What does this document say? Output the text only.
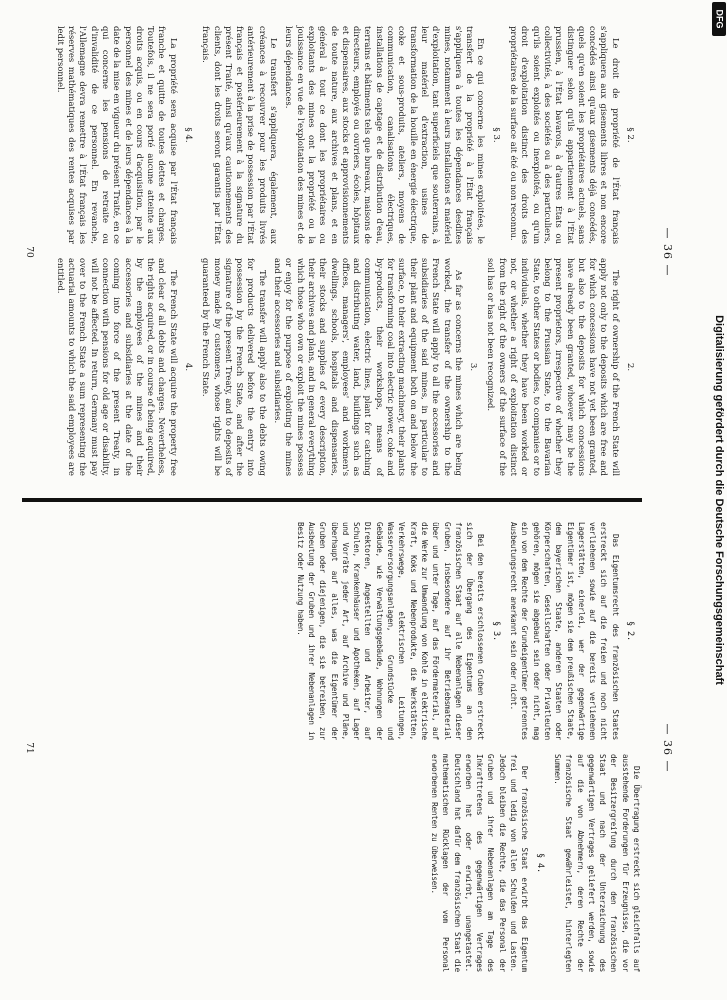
— 36 —
§ 2.

Le droit de propriété de l'État français s'appliquera aux gisements libres et non encore concédés ainsi qu'aux gisements déjà concédés, quels qu'en soient les propriétaires actuels, sans distinguer selon qu'ils appartiennent à l'État prussien, à l'État bavarois, à d'autres États ou collectivités, à des sociétés ou à des particuliers, qu'ils soient exploités ou inexploités, ou qu'un droit d'exploitation distinct des droits des propriétaires de la surface ait été ou non reconnu.

§ 3.

En ce qui concerne les mines exploitées, le transfert de la propriété à l'État français s'appliquera à toutes les dépendances desdites mines, notamment à leurs installations et matériel d'exploitation, tant superficiels que souterrains, à leur matériel d'extraction, usines de transformation de la houille en énergie électrique, coke et sous-produits, ateliers, moyens de communication, canalisations électriques, installations de captage et de distribution d'eau, terrains et bâtiments tels que bureaux, maisons de directeurs, employés ou ouvriers, écoles, hôpitaux et dispensaires, aux stocks et approvisionnements de toute nature, aux archives et plans, et en général à tout ce dont les propriétaires ou exploitants des mines ont la propriété ou la jouissance en vue de l'exploitation des mines et de leurs dépendances.

Le transfert s'appliquera, également, aux créances à recouvrer pour les produits livrés antérieurement à la prise de possession par l'État français et postérieurement à la signature du présent Traité, ainsi qu'aux cautionnements des clients, dont les droits seront garantis par l'État français.

§ 4.

La propriété sera acquise par l'État français franche et quitte de toutes dettes et charges. Toutefois, il ne sera porté aucune atteinte aux droits acquis, ou en cours d'acquisition, par le personnel des mines et de leurs dépendances à la date de la mise en vigueur du présent Traité, en ce qui concerne les pensions de retraite ou d'invalidité de ce personnel. En revanche, l'Allemagne devra remettre à l'État français les réserves mathématiques des rentes acquises par ledit personnel.

2.

The right of ownership of the French State will apply not only to the deposits which are free and for which concessions have not yet been granted, but also to the deposits for which concessions have already been granted, whoever may be the present proprietors, irrespective of whether they belong to the Prussian State, to the Bavarian State, to other States or bodies, to companies or to individuals, whether they have been worked or not, or whether a right of exploitation distinct from the right of the owners of the surface of the soil has or has not been recognized.

3.

As far as concerns the mines which are being worked, the transfer of the ownership to the French State will apply to all the accessories and subsidiaries of the said mines, in particular to their plant and equipment both on and below the surface, to their extracting machinery, their plants for transforming coal into electric power, coke and by-products, their workshops, means of communication, electric lines, plant for catching and distributing water, land, buildings such as offices, managers', employees' and workmen's dwellings, schools, hospitals and dispensaries, their stocks and supplies of every description, their archives and plans, and in general everything which those who own or exploit the mines possess or enjoy for the purpose of exploiting the mines and their accessories and subsidiaries.

The transfer will apply also to the debts owing for products delivered before the entry into possession by the French State, and after the signature of the present Treaty, and to deposits of money made by customers, whose rights will be guaranteed by the French State.

4.

The French State will acquire the property free and clear of all debts and charges. Nevertheless, the rights acquired, or in course of being acquired, by the employees of the mines and their accessories and subsidiaries at the date of the coming into force of the present Treaty, in connection with pensions for old age or disability, will not be affected. In return, Germany must pay over to the French State a sum representing the actuarial amounts to which the said employees are entitled.

70
— 36 —
§ 2.

Das Eigentumsrecht des französischen Staates erstreckt sich auf die freien und noch nicht verliehenen sowie auf die bereits verliehenen Lagerstätten, einerlei, wer der gegenwärtige Eigentümer ist, mögen sie dem preußischen Staate, dem bayerischen Staate, anderen Staaten oder Körperschaften, Gesellschaften oder Privatleuten gehören, mögen sie abgebaut sein oder nicht, mag ein von dem Rechte der Grundeigentümer getrenntes Ausbeutungsrecht anerkannt sein oder nicht.

§ 3.

Bei den bereits erschlossenen Gruben erstreckt sich der Übergang des Eigentums an den französischen Staat auf alle Nebenanlagen dieser Gruben, insbesondere auf ihr Betriebsmaterial über und unter Tage, auf das Fördermaterial, auf die Werke zur Umwandlung von Kohle in elektrische Kraft, Koks und Nebenprodukte, die Werkstätten, Verkehrswege, elektrischen Leitungen, Wasserversorgungsanlagen, Grundstücke und Gebäude, wie Verwaltungsgebäude, Wohnungen der Direktoren, Angestellten und Arbeiter, auf Schulen, Krankenhäuser und Apotheken, auf Lager und Vorräte jeder Art, auf Archive und Pläne, überhaupt auf alles, was die Eigentümer der Gruben oder diejenigen, die sie betreiben, zur Ausbeutung der Gruben und ihrer Nebenanlagen in Besitz oder Nutzung haben.

Die Übertragung erstreckt sich gleichfalls auf ausstehende Forderungen für Erzeugnisse, die vor der Besitzergreifung durch den französischen Staat und nach der Unterzeichnung des gegenwärtigen Vertrages geliefert werden, sowie auf die von Abnehmern, deren Rechte der französische Staat gewährleistet, hinterlegten Summen.

§ 4.

Der französische Staat erwirbt das Eigentum frei und ledig von allen Schulden und Lasten. Jedoch bleiben die Rechte, die das Personal der Gruben und ihrer Nebenanlagen am Tage des Inkrafttretens des gegenwärtigen Vertrages erworben hat oder erwirbt, unangetastet. Deutschland hat dafür dem französischen Staat die mathematischen Rücklagen der vom Personal erworbenen Renten zu überweisen.

71
Digitalisierung gefördert durch die Deutsche Forschungsgemeinschaft
DFG
